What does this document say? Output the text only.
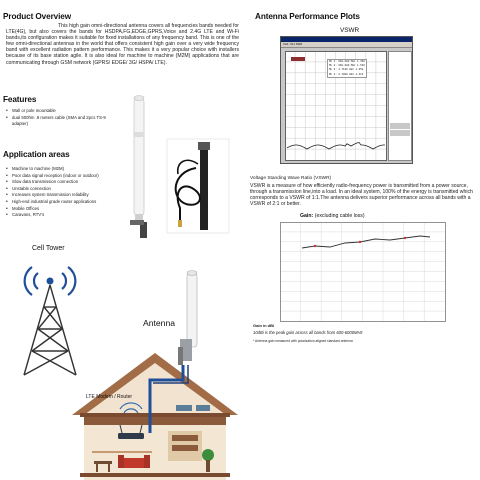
Product Overview
This high gain omni-directional antenna covers all frequencies bands needed for LTE(4G), but also covers the bands for HSDPA,FG,EDGE,GPRS,Voice and 2.4G LTE and Wi-Fi bands,its configuration makes it suitable for fixed installations of any frequency band. This is one of the few omni-directional antennas in the world that offers consistent high gain over a very wide frequency band with excellent radiation pattern performance. This makes it a very popular choice with installers because of its base station agile. It is also ideal for machine to machine (M2M) applications that are communicating through GSM network (GPRS/ EDGE/ 3G/ HSPA/ LTE).
Features
• Wall or pole mountable
• dual 500hm .8 meters cable (SMA and 2pcs TS-9 adapter)
Application areas
• Machine to machine (M2M)
• Poor data signal reception (indoor or outdoor)
• Slow data transmission connection
• Unstable connection
• Increases system transmission reliability
• High-end industrial grade router applications
• Mobile Offices
• Caravans, RTV's
Cell Tower
Antenna
LTE Modem / Router
Antenna Performance Plots
VSWR
$^{CH1: S11 SWR}$
Mk 1: 698.000 MHz 1.366
Mk 2: 960.000 MHz 1.530
Mk 3: 1.7100 GHz 1.358
Mk 4: 2.7000 GHz 1.413
Voltage Standing Wave Ratio (VSWR)
VSWR is a measure of how efficiently radio-frequency power is transmitted from a power source, through a transmission line,into a load. In an ideal system, 100% of the energy is transmitted which corresponds to a VSWR of 1:1.The antenna delivers superior performance across all bands with a VSWR of 2:1 or better.
Gain: (excluding cable loss)
Gain in dBi
10dBi is the peak gain across all bands from 600-6000MHz
* Antenna gain measured with polarization aligned standard antenna
